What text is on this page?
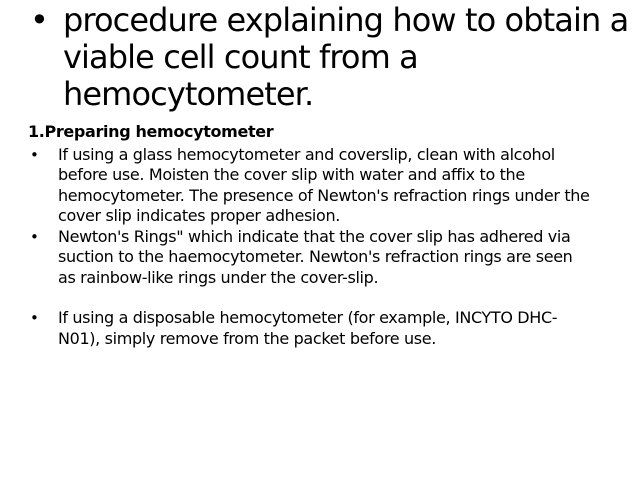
• procedure explaining how to obtain a viable cell count from a hemocytometer.
1.Preparing hemocytometer
•	If using a glass hemocytometer and coverslip, clean with alcohol before use. Moisten the cover slip with water and affix to the hemocytometer. The presence of Newton's refraction rings under the cover slip indicates proper adhesion.
•	Newton's Rings" which indicate that the cover slip has adhered via suction to the haemocytometer. Newton's refraction rings are seen as rainbow-like rings under the cover-slip.
•	If using a disposable hemocytometer (for example, INCYTO DHC-N01), simply remove from the packet before use.
